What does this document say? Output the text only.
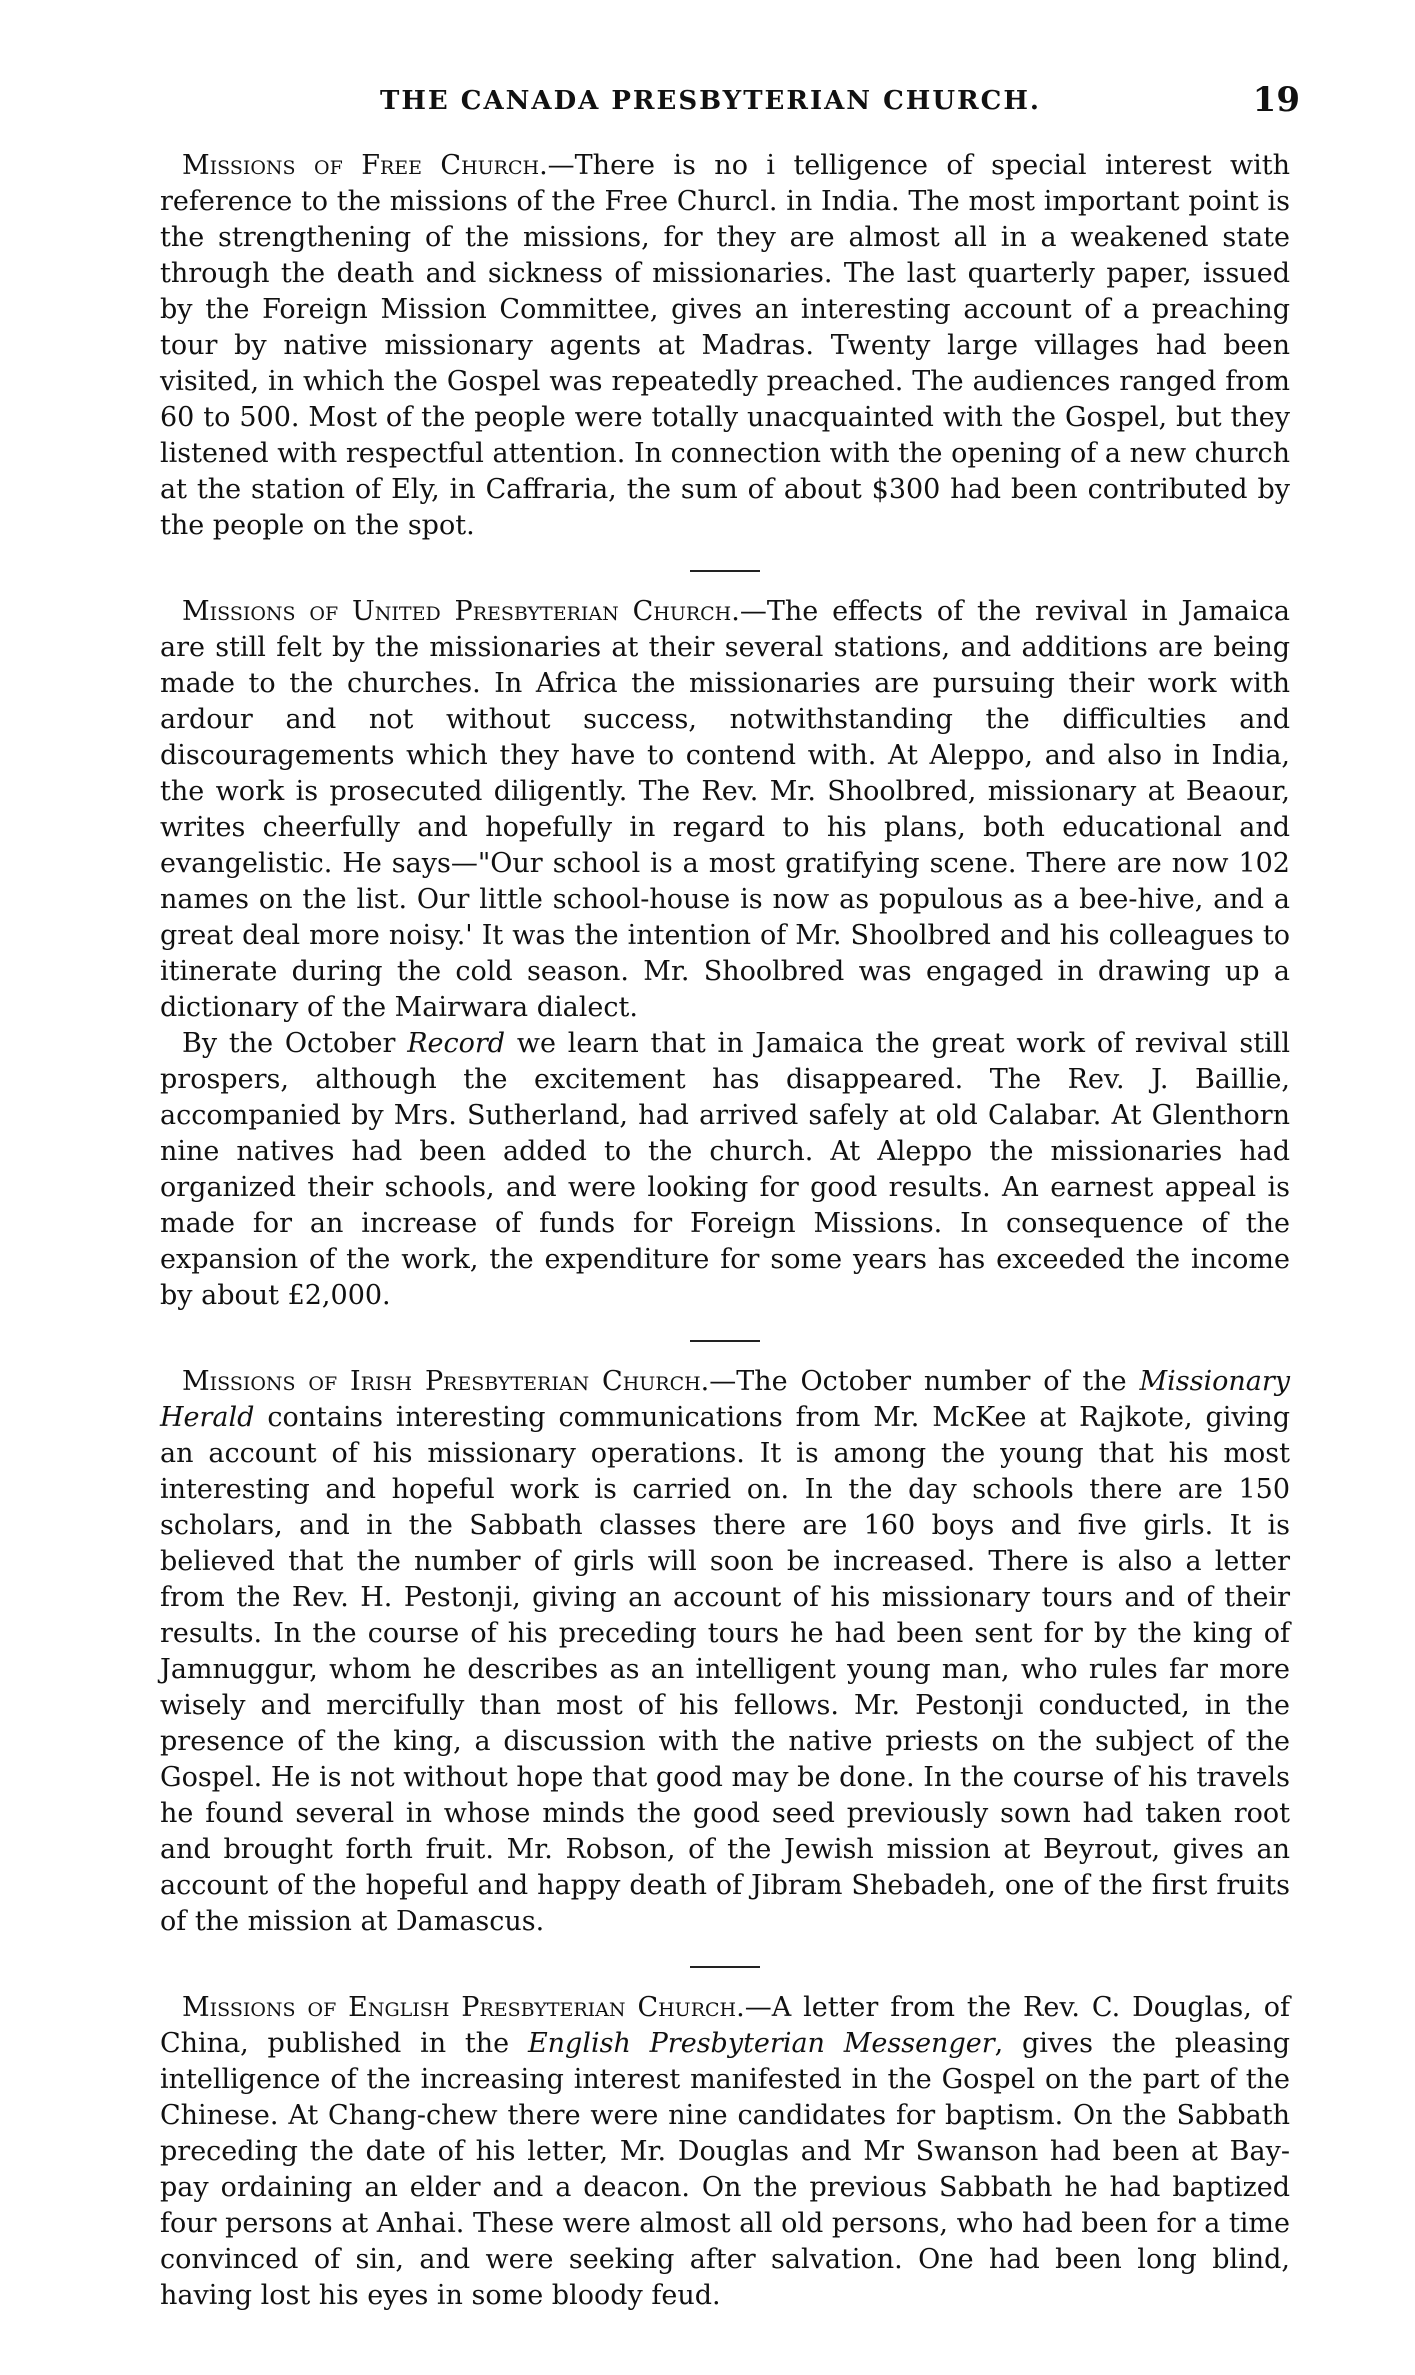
THE CANADA PRESBYTERIAN CHURCH.	19

Missions of Free Church.—There is no i telligence of special interest with reference to the missions of the Free Churcl. in India. The most important point is the strengthening of the missions, for they are almost all in a weakened state through the death and sickness of missionaries. The last quarterly paper, issued by the Foreign Mission Committee, gives an interesting account of a preaching tour by native missionary agents at Madras. Twenty large villages had been visited, in which the Gospel was repeatedly preached. The audiences ranged from 60 to 500. Most of the people were totally unacquainted with the Gospel, but they listened with respectful attention. In connection with the opening of a new church at the station of Ely, in Caffraria, the sum of about $300 had been contributed by the people on the spot.

Missions of United Presbyterian Church.—The effects of the revival in Jamaica are still felt by the missionaries at their several stations, and additions are being made to the churches. In Africa the missionaries are pursuing their work with ardour and not without success, notwithstanding the difficulties and discouragements which they have to contend with. At Aleppo, and also in India, the work is prosecuted diligently. The Rev. Mr. Shoolbred, missionary at Beaour, writes cheerfully and hopefully in regard to his plans, both educational and evangelistic. He says—"Our school is a most gratifying scene. There are now 102 names on the list. Our little school-house is now as populous as a bee-hive, and a great deal more noisy.' It was the intention of Mr. Shoolbred and his colleagues to itinerate during the cold season. Mr. Shoolbred was engaged in drawing up a dictionary of the Mairwara dialect.

By the October Record we learn that in Jamaica the great work of revival still prospers, although the excitement has disappeared. The Rev. J. Baillie, accompanied by Mrs. Sutherland, had arrived safely at old Calabar. At Glenthorn nine natives had been added to the church. At Aleppo the missionaries had organized their schools, and were looking for good results. An earnest appeal is made for an increase of funds for Foreign Missions. In consequence of the expansion of the work, the expenditure for some years has exceeded the income by about £2,000.

Missions of Irish Presbyterian Church.—The October number of the Missionary Herald contains interesting communications from Mr. McKee at Rajkote, giving an account of his missionary operations. It is among the young that his most interesting and hopeful work is carried on. In the day schools there are 150 scholars, and in the Sabbath classes there are 160 boys and five girls. It is believed that the number of girls will soon be increased. There is also a letter from the Rev. H. Pestonji, giving an account of his missionary tours and of their results. In the course of his preceding tours he had been sent for by the king of Jamnuggur, whom he describes as an intelligent young man, who rules far more wisely and mercifully than most of his fellows. Mr. Pestonji conducted, in the presence of the king, a discussion with the native priests on the subject of the Gospel. He is not without hope that good may be done. In the course of his travels he found several in whose minds the good seed previously sown had taken root and brought forth fruit. Mr. Robson, of the Jewish mission at Beyrout, gives an account of the hopeful and happy death of Jibram Shebadeh, one of the first fruits of the mission at Damascus.

Missions of English Presbyterian Church.—A letter from the Rev. C. Douglas, of China, published in the English Presbyterian Messenger, gives the pleasing intelligence of the increasing interest manifested in the Gospel on the part of the Chinese. At Chang-chew there were nine candidates for baptism. On the Sabbath preceding the date of his letter, Mr. Douglas and Mr Swanson had been at Bay-pay ordaining an elder and a deacon. On the previous Sabbath he had baptized four persons at Anhai. These were almost all old persons, who had been for a time convinced of sin, and were seeking after salvation. One had been long blind, having lost his eyes in some bloody feud.
